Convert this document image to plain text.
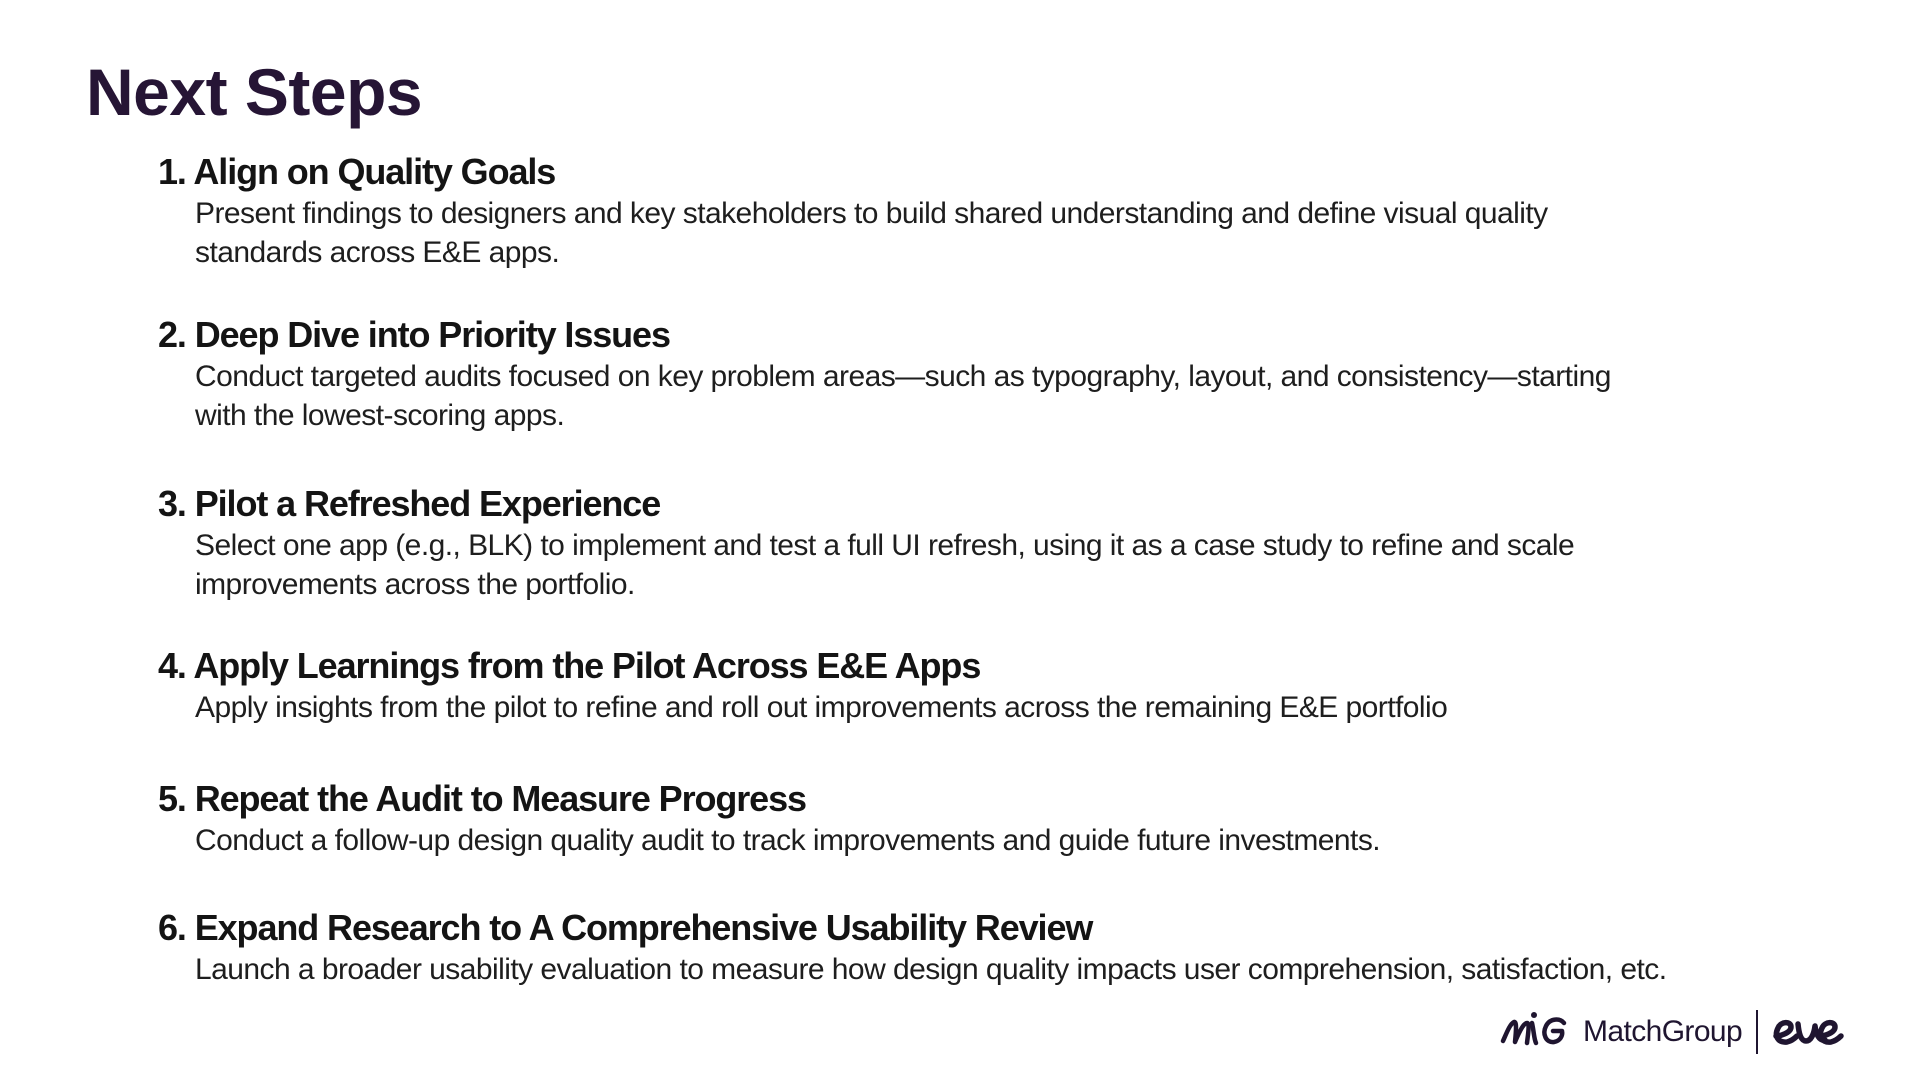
Next Steps
1. Align on Quality Goals

Present findings to designers and key stakeholders to build shared understanding and define visual quality
standards across E&E apps.

2. Deep Dive into Priority Issues

Conduct targeted audits focused on key problem areas—such as typography, layout, and consistency—starting
with the lowest-scoring apps.

3. Pilot a Refreshed Experience

Select one app (e.g., BLK) to implement and test a full UI refresh, using it as a case study to refine and scale
improvements across the portfolio.

4. Apply Learnings from the Pilot Across E&E Apps

Apply insights from the pilot to refine and roll out improvements across the remaining E&E portfolio

5. Repeat the Audit to Measure Progress

Conduct a follow-up design quality audit to track improvements and guide future investments.

6. Expand Research to A Comprehensive Usability Review

Launch a broader usability evaluation to measure how design quality impacts user comprehension, satisfaction, etc.

MatchGroup
